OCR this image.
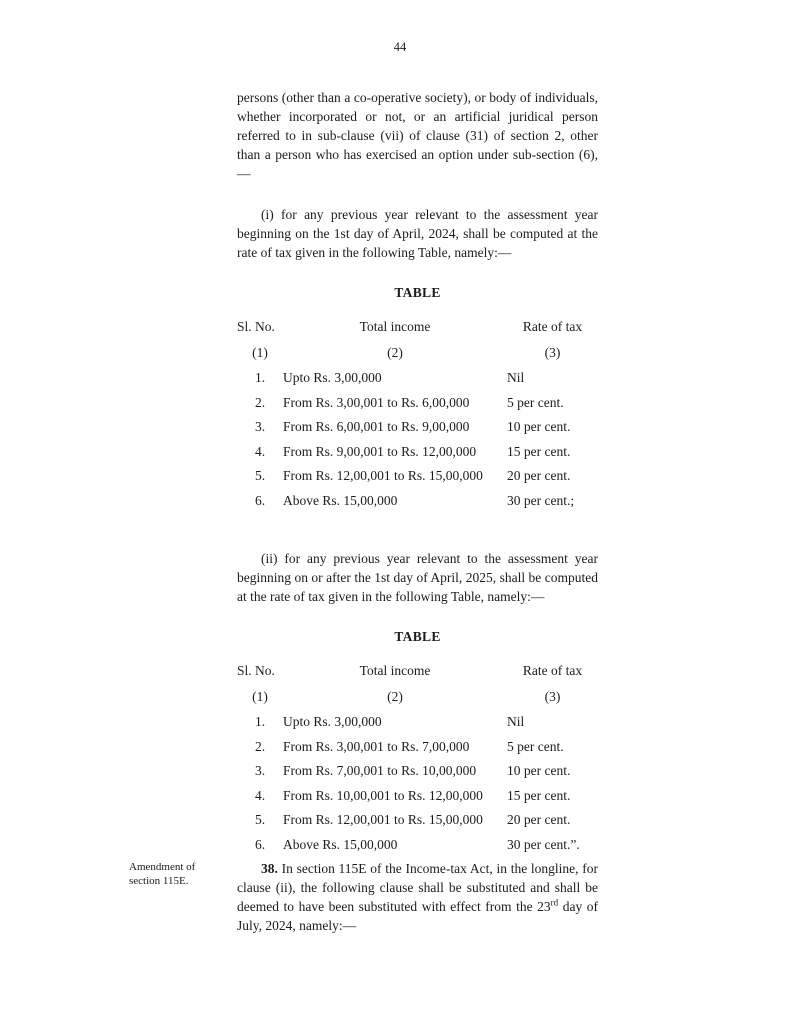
44

persons (other than a co-operative society), or body of individuals, whether incorporated or not, or an artificial juridical person referred to in sub-clause (vii) of clause (31) of section 2, other than a person who has exercised an option under sub-section (6),—

(i) for any previous year relevant to the assessment year beginning on the 1st day of April, 2024, shall be computed at the rate of tax given in the following Table, namely:—

TABLE
Sl. No.	Total income	Rate of tax
(1)	(2)	(3)
1.	Upto Rs. 3,00,000	Nil
2.	From Rs. 3,00,001 to Rs. 6,00,000	5 per cent.
3.	From Rs. 6,00,001 to Rs. 9,00,000	10 per cent.
4.	From Rs. 9,00,001 to Rs. 12,00,000	15 per cent.
5.	From Rs. 12,00,001 to Rs. 15,00,000	20 per cent.
6.	Above Rs. 15,00,000	30 per cent.;

(ii) for any previous year relevant to the assessment year beginning on or after the 1st day of April, 2025, shall be computed at the rate of tax given in the following Table, namely:—

TABLE
Sl. No.	Total income	Rate of tax
(1)	(2)	(3)
1.	Upto Rs. 3,00,000	Nil
2.	From Rs. 3,00,001 to Rs. 7,00,000	5 per cent.
3.	From Rs. 7,00,001 to Rs. 10,00,000	10 per cent.
4.	From Rs. 10,00,001 to Rs. 12,00,000	15 per cent.
5.	From Rs. 12,00,001 to Rs. 15,00,000	20 per cent.
6.	Above Rs. 15,00,000	30 per cent.”.

Amendment of
section 115E.
38. In section 115E of the Income-tax Act, in the longline, for clause (ii), the following clause shall be substituted and shall be deemed to have been substituted with effect from the 23rd day of July, 2024, namely:—
